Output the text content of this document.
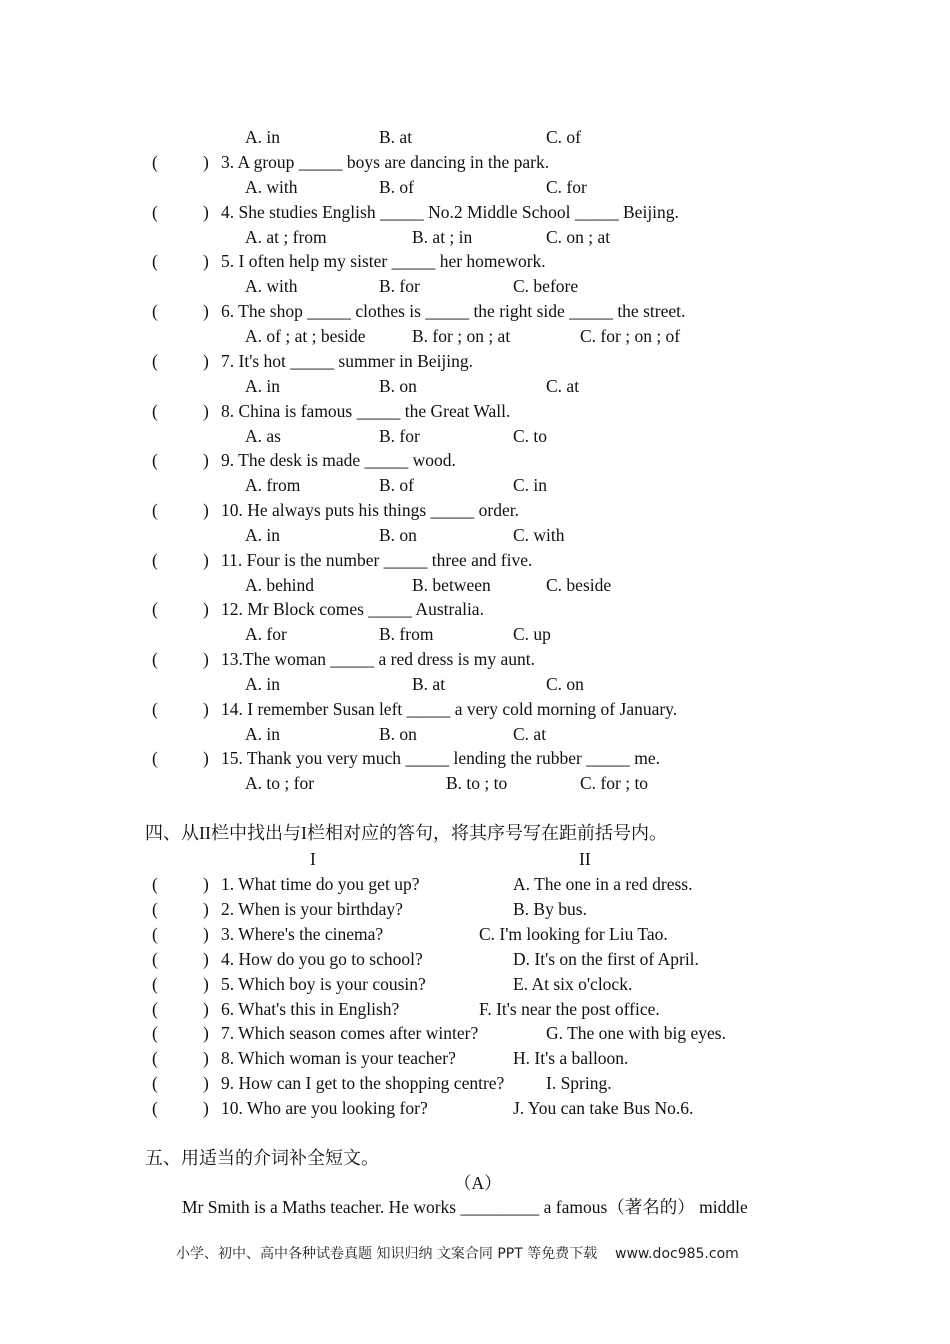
A. in	B. at	C. of
(	) 3. A group _____ boys are dancing in the park.
A. with	B. of	C. for
(	) 4. She studies English _____ No.2 Middle School _____ Beijing.
A. at ; from	B. at ; in	C. on ; at
(	) 5. I often help my sister _____ her homework.
A. with	B. for	C. before
(	) 6. The shop _____ clothes is _____ the right side _____ the street.
A. of ; at ; beside	B. for ; on ; at	C. for ; on ; of
(	) 7. It's hot _____ summer in Beijing.
A. in	B. on	C. at
(	) 8. China is famous _____ the Great Wall.
A. as	B. for	C. to
(	) 9. The desk is made _____ wood.
A. from	B. of	C. in
(	) 10. He always puts his things _____ order.
A. in	B. on	C. with
(	) 11. Four is the number _____ three and five.
A. behind	B. between	C. beside
(	) 12. Mr Block comes _____ Australia.
A. for	B. from	C. up
(	) 13.The woman _____ a red dress is my aunt.
A. in	B. at	C. on
(	) 14. I remember Susan left _____ a very cold morning of January.
A. in	B. on	C. at
(	) 15. Thank you very much _____ lending the rubber _____ me.
A. to ; for	B. to ; to	C. for ; to
四、从II栏中找出与I栏相对应的答句，将其序号写在距前括号内。
I	II
(	) 1. What time do you get up?	A. The one in a red dress.
(	) 2. When is your birthday?	B. By bus.
(	) 3. Where's the cinema?	C. I'm looking for Liu Tao.
(	) 4. How do you go to school?	D. It's on the first of April.
(	) 5. Which boy is your cousin?	E. At six o'clock.
(	) 6. What's this in English?	F. It's near the post office.
(	) 7. Which season comes after winter?	G. The one with big eyes.
(	) 8. Which woman is your teacher?	H. It's a balloon.
(	) 9. How can I get to the shopping centre? I. Spring.
(	) 10. Who are you looking for?	J. You can take Bus No.6.
五、用适当的介词补全短文。
（A）
Mr Smith is a Maths teacher. He works _________ a famous（著名的） middle
小学、初中、高中各种试卷真题 知识归纳 文案合同 PPT 等免费下载    www.doc985.com
